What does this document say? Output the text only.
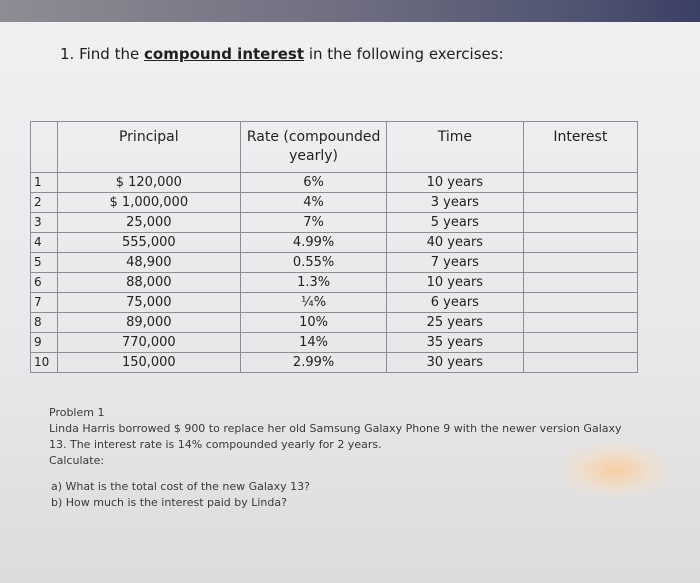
1. Find the compound interest in the following exercises:
	Principal	Rate (compounded yearly)	Time	Interest
1	$ 120,000	6%	10 years	
2	$ 1,000,000	4%	3 years	
3	25,000	7%	5 years	
4	555,000	4.99%	40 years	
5	48,900	0.55%	7 years	
6	88,000	1.3%	10 years	
7	75,000	¼%	6 years	
8	89,000	10%	25 years	
9	770,000	14%	35 years	
10	150,000	2.99%	30 years	
Problem 1
Linda Harris borrowed $ 900 to replace her old Samsung Galaxy Phone 9 with the newer version Galaxy
13. The interest rate is 14% compounded yearly for 2 years.
Calculate:
a) What is the total cost of the new Galaxy 13?
b) How much is the interest paid by Linda?
